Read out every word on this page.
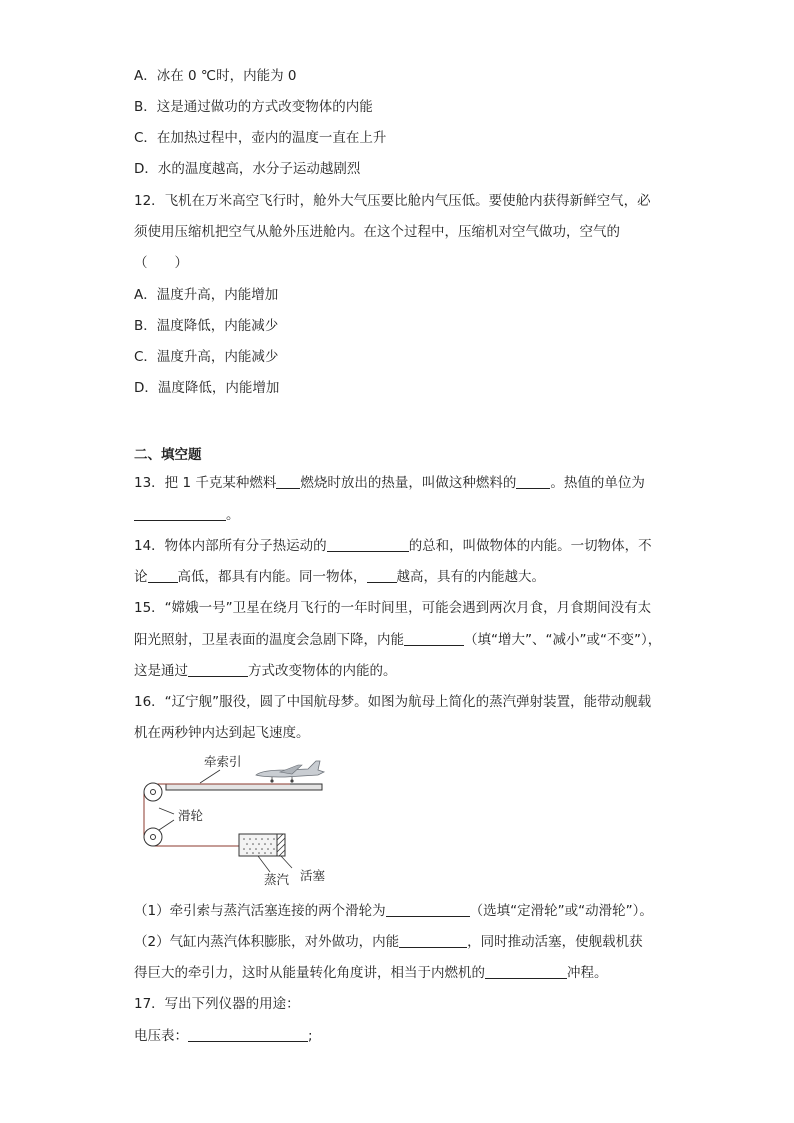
A．冰在 0 ℃时，内能为 0
B．这是通过做功的方式改变物体的内能
C．在加热过程中，壶内的温度一直在上升
D．水的温度越高，水分子运动越剧烈
12．飞机在万米高空飞行时，舱外大气压要比舱内气压低。要使舱内获得新鲜空气，必
须使用压缩机把空气从舱外压进舱内。在这个过程中，压缩机对空气做功，空气的
（　　）
A．温度升高，内能增加
B．温度降低，内能减少
C．温度升高，内能减少
D．温度降低，内能增加
二、填空题
13．把 1 千克某种燃料 燃烧时放出的热量，叫做这种燃料的	。热值的单位为
。
14．物体内部所有分子热运动的	的总和，叫做物体的内能。一切物体，不
论 高低，都具有内能。同一物体， 越高，具有的内能越大。
15．“嫦娥一号”卫星在绕月飞行的一年时间里，可能会遇到两次月食，月食期间没有太
阳光照射，卫星表面的温度会急剧下降，内能	（填“增大”、“减小”或“不变”），
这是通过	方式改变物体的内能的。
16．“辽宁舰”服役，圆了中国航母梦。如图为航母上简化的蒸汽弹射装置，能带动舰载
机在两秒钟内达到起飞速度。
牵索引
滑轮
蒸汽 活塞
（1）牵引索与蒸汽活塞连接的两个滑轮为	（选填“定滑轮”或“动滑轮”）。
（2）气缸内蒸汽体积膨胀，对外做功，内能	，同时推动活塞，使舰载机获
得巨大的牵引力，这时从能量转化角度讲，相当于内燃机的	冲程。
17．写出下列仪器的用途：
电压表：	;
